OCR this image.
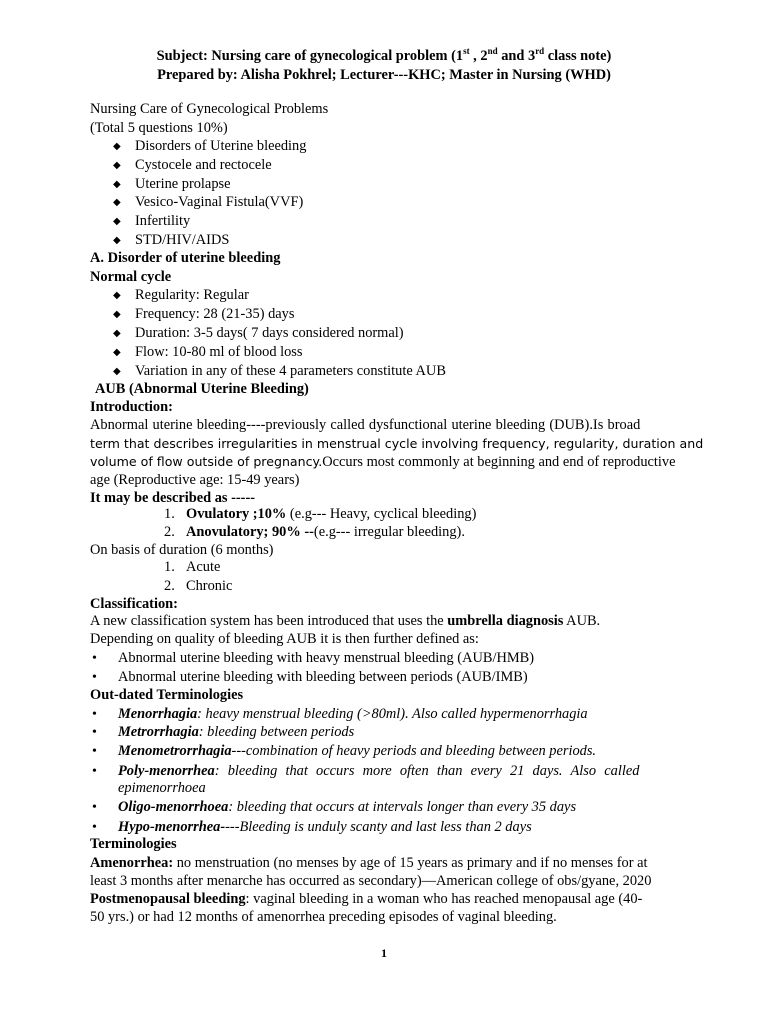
Subject: Nursing care of gynecological problem (1st , 2nd and 3rd class note)
Prepared by: Alisha Pokhrel; Lecturer---KHC; Master in Nursing (WHD)
Nursing Care of Gynecological Problems
(Total 5 questions 10%)
◆ Disorders of Uterine bleeding
◆ Cystocele and rectocele
◆ Uterine prolapse
◆ Vesico-Vaginal Fistula(VVF)
◆ Infertility
◆ STD/HIV/AIDS
A. Disorder of uterine bleeding
Normal cycle
◆ Regularity: Regular
◆ Frequency: 28 (21-35) days
◆ Duration: 3-5 days( 7 days considered normal)
◆ Flow: 10-80 ml of blood loss
◆ Variation in any of these 4 parameters constitute AUB
AUB (Abnormal Uterine Bleeding)
Introduction:
Abnormal uterine bleeding----previously called dysfunctional uterine bleeding (DUB).Is broad
term that describes irregularities in menstrual cycle involving frequency, regularity, duration and
volume of flow outside of pregnancy.Occurs most commonly at beginning and end of reproductive
age (Reproductive age: 15-49 years)
It may be described as -----
1. Ovulatory ;10% (e.g--- Heavy, cyclical bleeding)
2. Anovulatory; 90% --(e.g--- irregular bleeding).
On basis of duration (6 months)
1. Acute
2. Chronic
Classification:
A new classification system has been introduced that uses the umbrella diagnosis AUB.
Depending on quality of bleeding AUB it is then further defined as:
• Abnormal uterine bleeding with heavy menstrual bleeding (AUB/HMB)
• Abnormal uterine bleeding with bleeding between periods (AUB/IMB)
Out-dated Terminologies
• Menorrhagia: heavy menstrual bleeding (>80ml). Also called hypermenorrhagia
• Metrorrhagia: bleeding between periods
• Menometrorrhagia---combination of heavy periods and bleeding between periods.
• Poly-menorrhea: bleeding that occurs more often than every 21 days. Also called
epimenorrhoea
• Oligo-menorrhoea: bleeding that occurs at intervals longer than every 35 days
• Hypo-menorrhea----Bleeding is unduly scanty and last less than 2 days
Terminologies
Amenorrhea: no menstruation (no menses by age of 15 years as primary and if no menses for at
least 3 months after menarche has occurred as secondary)—American college of obs/gyane, 2020
Postmenopausal bleeding: vaginal bleeding in a woman who has reached menopausal age (40-
50 yrs.) or had 12 months of amenorrhea preceding episodes of vaginal bleeding.
1
